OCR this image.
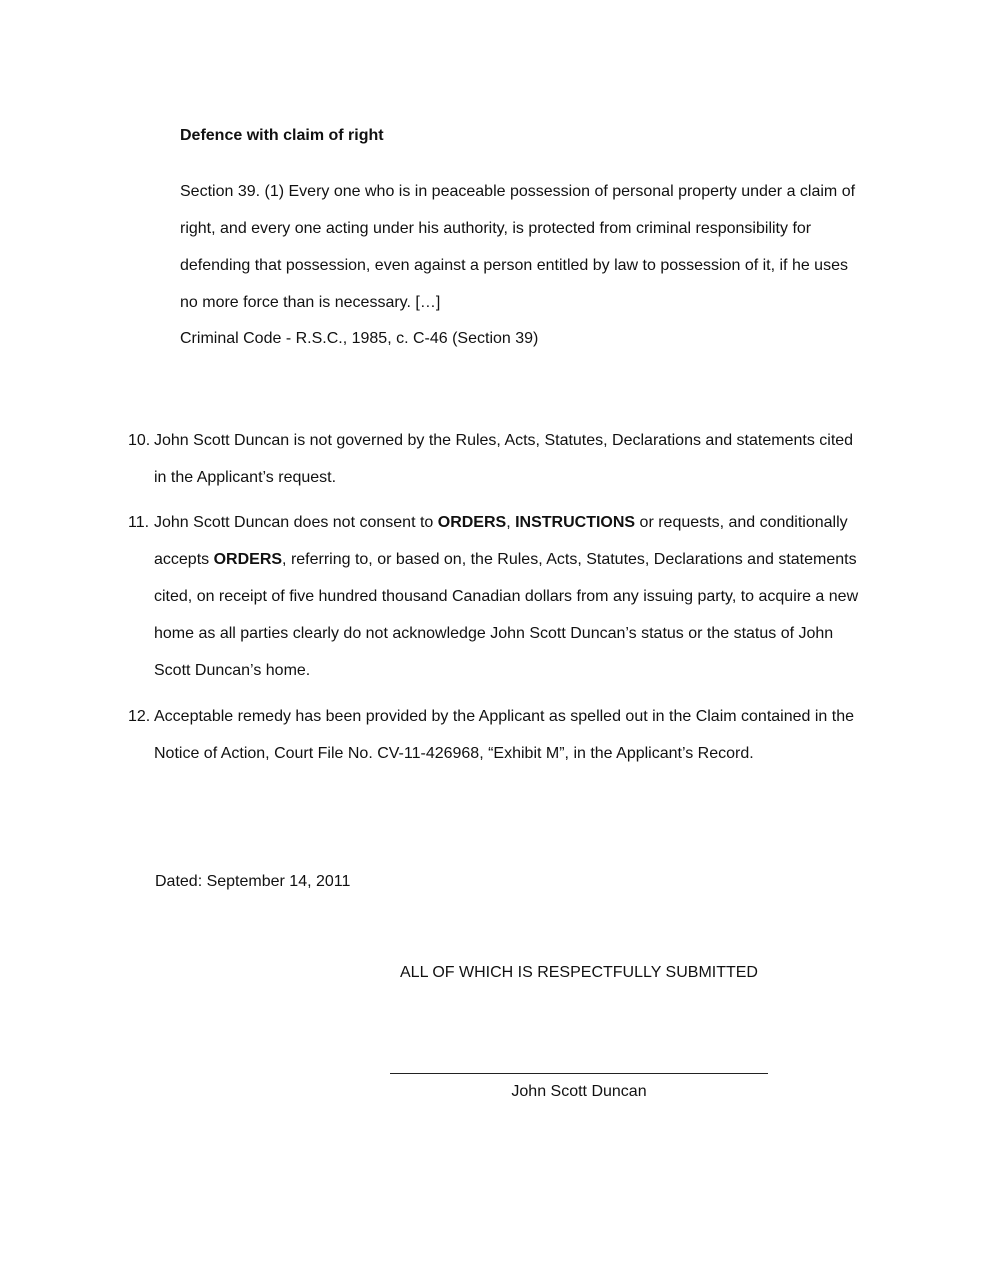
Defence with claim of right

Section 39. (1) Every one who is in peaceable possession of personal property under a claim of right, and every one acting under his authority, is protected from criminal responsibility for defending that possession, even against a person entitled by law to possession of it, if he uses no more force than is necessary. […]

Criminal Code - R.S.C., 1985, c. C-46 (Section 39)

10. John Scott Duncan is not governed by the Rules, Acts, Statutes, Declarations and statements cited in the Applicant’s request.
11. John Scott Duncan does not consent to ORDERS, INSTRUCTIONS or requests, and conditionally accepts ORDERS, referring to, or based on, the Rules, Acts, Statutes, Declarations and statements cited, on receipt of five hundred thousand Canadian dollars from any issuing party, to acquire a new home as all parties clearly do not acknowledge John Scott Duncan’s status or the status of John Scott Duncan’s home.
12. Acceptable remedy has been provided by the Applicant as spelled out in the Claim contained in the Notice of Action, Court File No. CV-11-426968, “Exhibit M”, in the Applicant’s Record.

Dated: September 14, 2011

ALL OF WHICH IS RESPECTFULLY SUBMITTED

John Scott Duncan
